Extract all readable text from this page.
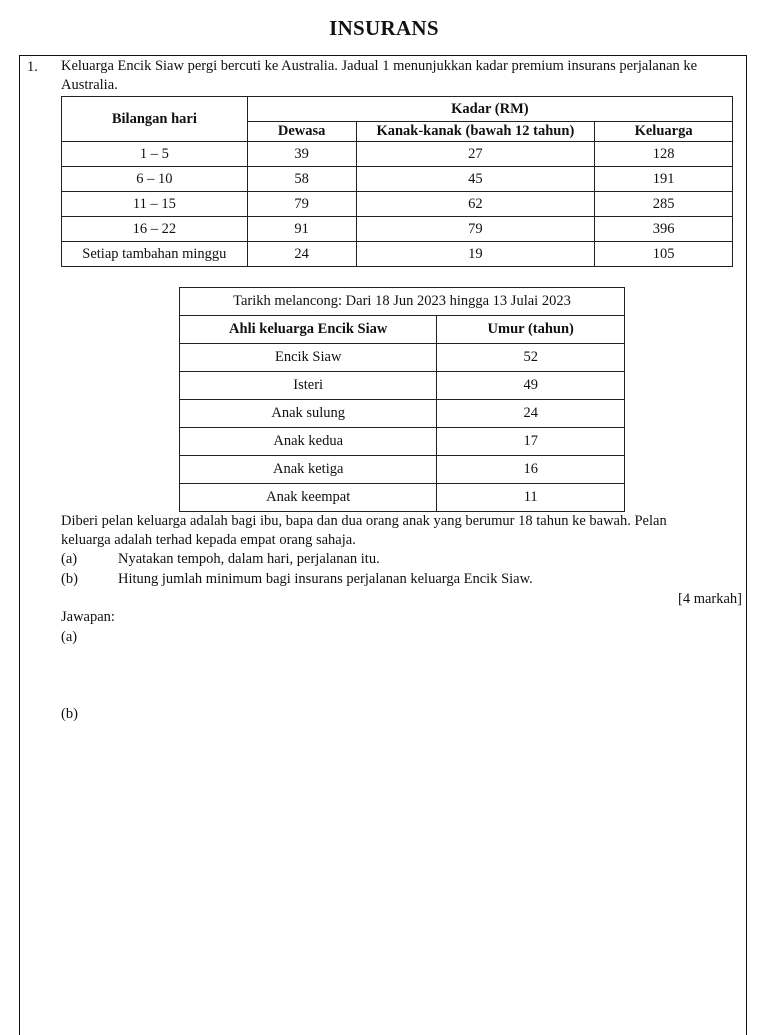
INSURANS
1. Keluarga Encik Siaw pergi bercuti ke Australia. Jadual 1 menunjukkan kadar premium insurans perjalanan ke
Australia.
Bilangan hari	Kadar (RM)		
	Dewasa	Kanak-kanak (bawah 12 tahun)	Keluarga
1 – 5	39	27	128
6 – 10	58	45	191
11 – 15	79	62	285
16 – 22	91	79	396
Setiap tambahan minggu	24	19	105
Tarikh melancong: Dari 18 Jun 2023 hingga 13 Julai 2023	
Ahli keluarga Encik Siaw	Umur (tahun)
Encik Siaw	52
Isteri	49
Anak sulung	24
Anak kedua	17
Anak ketiga	16
Anak keempat	11
Diberi pelan keluarga adalah bagi ibu, bapa dan dua orang anak yang berumur 18 tahun ke bawah. Pelan
keluarga adalah terhad kepada empat orang sahaja.
(a)	Nyatakan tempoh, dalam hari, perjalanan itu.
(b)	Hitung jumlah minimum bagi insurans perjalanan keluarga Encik Siaw.
[4 markah]
Jawapan:
(a)
(b)
